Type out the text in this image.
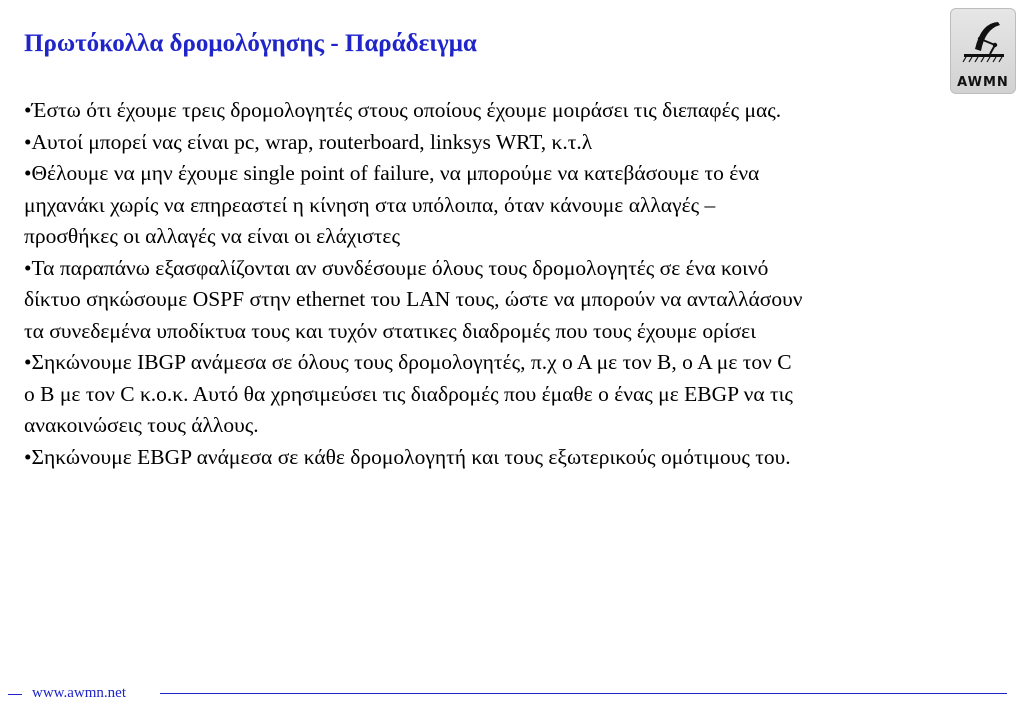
Πρωτόκολλα δρομολόγησης - Παράδειγμα
AWMN
•Έστω ότι έχουμε τρεις δρομολογητές στους οποίους έχουμε μοιράσει τις διεπαφές μας.
•Αυτοί μπορεί νας είναι pc, wrap, routerboard, linksys WRT, κ.τ.λ
•Θέλουμε να μην έχουμε single point of failure, να μπορούμε να κατεβάσουμε το ένα
μηχανάκι χωρίς να επηρεαστεί η κίνηση στα υπόλοιπα, όταν κάνουμε αλλαγές –
προσθήκες οι αλλαγές να είναι οι ελάχιστες
•Τα παραπάνω εξασφαλίζονται αν συνδέσουμε όλους τους δρομολογητές σε ένα κοινό
δίκτυο σηκώσουμε OSPF στην ethernet του LAN τους, ώστε να μπορούν να ανταλλάσουν
τα συνεδεμένα υποδίκτυα τους και τυχόν στατικες διαδρομές που τους έχουμε ορίσει
•Σηκώνουμε IBGP ανάμεσα σε όλους τους δρομολογητές, π.χ ο Α με τον Β, ο Α με τον C
ο Β με τον C κ.ο.κ. Αυτό θα χρησιμεύσει τις διαδρομές που έμαθε ο ένας με EBGP να τις
ανακοινώσεις τους άλλους.
•Σηκώνουμε EBGP ανάμεσα σε κάθε δρομολογητή και τους εξωτερικούς ομότιμους του.
www.awmn.net
